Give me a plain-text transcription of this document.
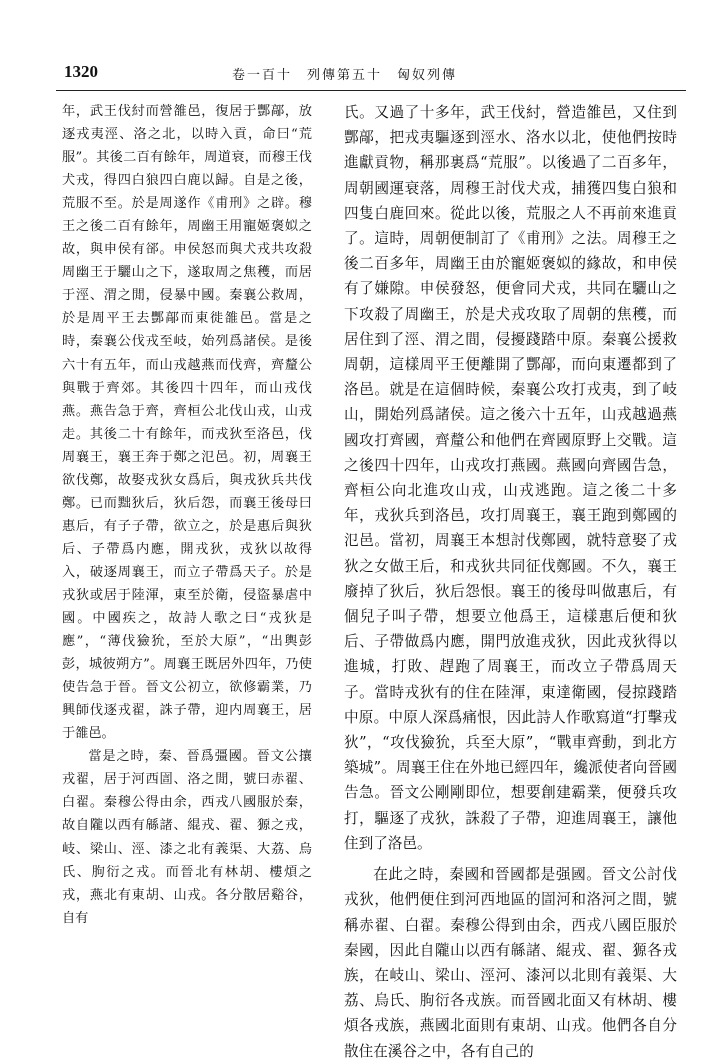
1320	卷一百十　列傳第五十　匈奴列傳

年，武王伐紂而營雒邑，復居于酆鄗，放逐戎夷涇、洛之北，以時入貢，命曰“荒服”。其後二百有餘年，周道衰，而穆王伐犬戎，得四白狼四白鹿以歸。自是之後，荒服不至。於是周遂作《甫刑》之辟。穆王之後二百有餘年，周幽王用寵姬褒姒之故，與申侯有郤。申侯怒而與犬戎共攻殺周幽王于驪山之下，遂取周之焦穫，而居于涇、渭之閒，侵暴中國。秦襄公救周，於是周平王去酆鄗而東徙雒邑。當是之時，秦襄公伐戎至岐，始列爲諸侯。是後六十有五年，而山戎越燕而伐齊，齊釐公與戰于齊郊。其後四十四年，而山戎伐燕。燕告急于齊，齊桓公北伐山戎，山戎走。其後二十有餘年，而戎狄至洛邑，伐周襄王，襄王奔于鄭之氾邑。初，周襄王欲伐鄭，故娶戎狄女爲后，與戎狄兵共伐鄭。已而黜狄后，狄后怨，而襄王後母曰惠后，有子子帶，欲立之，於是惠后與狄后、子帶爲内應，開戎狄，戎狄以故得入，破逐周襄王，而立子帶爲天子。於是戎狄或居于陸渾，東至於衛，侵盜暴虐中國。中國疾之，故詩人歌之曰“戎狄是應”，“薄伐獫狁，至於大原”，“出輿彭彭，城彼朔方”。周襄王既居外四年，乃使使告急于晉。晉文公初立，欲修霸業，乃興師伐逐戎翟，誅子帶，迎内周襄王，居于雒邑。

當是之時，秦、晉爲彊國。晉文公攘戎翟，居于河西圁、洛之閒，號曰赤翟、白翟。秦穆公得由余，西戎八國服於秦，故自隴以西有緜諸、緄戎、翟、獂之戎，岐、梁山、涇、漆之北有義渠、大荔、烏氏、朐衍之戎。而晉北有林胡、樓煩之戎，燕北有東胡、山戎。各分散居谿谷，自有

氏。又過了十多年，武王伐紂，營造雒邑，又住到酆鄗，把戎夷驅逐到涇水、洛水以北，使他們按時進獻貢物，稱那裏爲“荒服”。以後過了二百多年，周朝國運衰落，周穆王討伐犬戎，捕獲四隻白狼和四隻白鹿回來。從此以後，荒服之人不再前來進貢了。這時，周朝便制訂了《甫刑》之法。周穆王之後二百多年，周幽王由於寵姬褒姒的緣故，和申侯有了嫌隙。申侯發怒，便會同犬戎，共同在驪山之下攻殺了周幽王，於是犬戎攻取了周朝的焦穫，而居住到了涇、渭之間，侵擾踐踏中原。秦襄公援救周朝，這樣周平王便離開了酆鄗，而向東遷都到了洛邑。就是在這個時候，秦襄公攻打戎夷，到了岐山，開始列爲諸侯。這之後六十五年，山戎越過燕國攻打齊國，齊釐公和他們在齊國原野上交戰。這之後四十四年，山戎攻打燕國。燕國向齊國告急，齊桓公向北進攻山戎，山戎逃跑。這之後二十多年，戎狄兵到洛邑，攻打周襄王，襄王跑到鄭國的氾邑。當初，周襄王本想討伐鄭國，就特意娶了戎狄之女做王后，和戎狄共同征伐鄭國。不久，襄王廢掉了狄后，狄后怨恨。襄王的後母叫做惠后，有個兒子叫子帶，想要立他爲王，這樣惠后便和狄后、子帶做爲内應，開門放進戎狄，因此戎狄得以進城，打敗、趕跑了周襄王，而改立子帶爲周天子。當時戎狄有的住在陸渾，東達衛國，侵掠踐踏中原。中原人深爲痛恨，因此詩人作歌寫道“打擊戎狄”，“攻伐獫狁，兵至大原”，“戰車齊動，到北方築城”。周襄王住在外地已經四年，纔派使者向晉國告急。晉文公剛剛即位，想要創建霸業，便發兵攻打，驅逐了戎狄，誅殺了子帶，迎進周襄王，讓他住到了洛邑。

在此之時，秦國和晉國都是强國。晉文公討伐戎狄，他們便住到河西地區的圁河和洛河之間，號稱赤翟、白翟。秦穆公得到由余，西戎八國臣服於秦國，因此自隴山以西有緜諸、緄戎、翟、獂各戎族，在岐山、梁山、涇河、漆河以北則有義渠、大荔、烏氏、朐衍各戎族。而晉國北面又有林胡、樓煩各戎族，燕國北面則有東胡、山戎。他們各自分散住在溪谷之中，各有自己的
